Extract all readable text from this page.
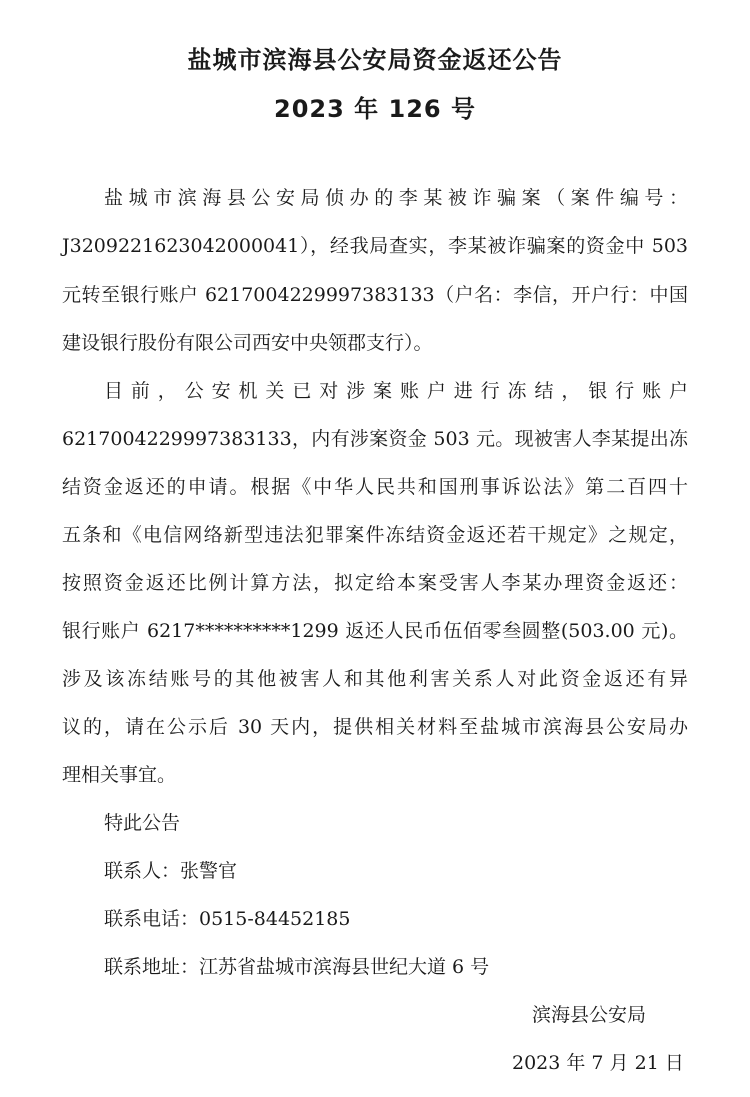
盐城市滨海县公安局资金返还公告
2023 年 126 号
盐城市滨海县公安局侦办的李某被诈骗案（案件编号：
J3209221623042000041），经我局查实，李某被诈骗案的资金中 503
元转至银行账户 6217004229997383133（户名：李信，开户行：中国
建设银行股份有限公司西安中央领郡支行）。
目前，公安机关已对涉案账户进行冻结，银行账户
6217004229997383133，内有涉案资金 503 元。现被害人李某提出冻
结资金返还的申请。根据《中华人民共和国刑事诉讼法》第二百四十
五条和《电信网络新型违法犯罪案件冻结资金返还若干规定》之规定，
按照资金返还比例计算方法，拟定给本案受害人李某办理资金返还：
银行账户 6217**********1299 返还人民币伍佰零叁圆整(503.00 元)。
涉及该冻结账号的其他被害人和其他利害关系人对此资金返还有异
议的，请在公示后 30 天内，提供相关材料至盐城市滨海县公安局办
理相关事宜。
特此公告
联系人：张警官
联系电话：0515-84452185
联系地址：江苏省盐城市滨海县世纪大道 6 号
滨海县公安局
2023 年 7 月 21 日
